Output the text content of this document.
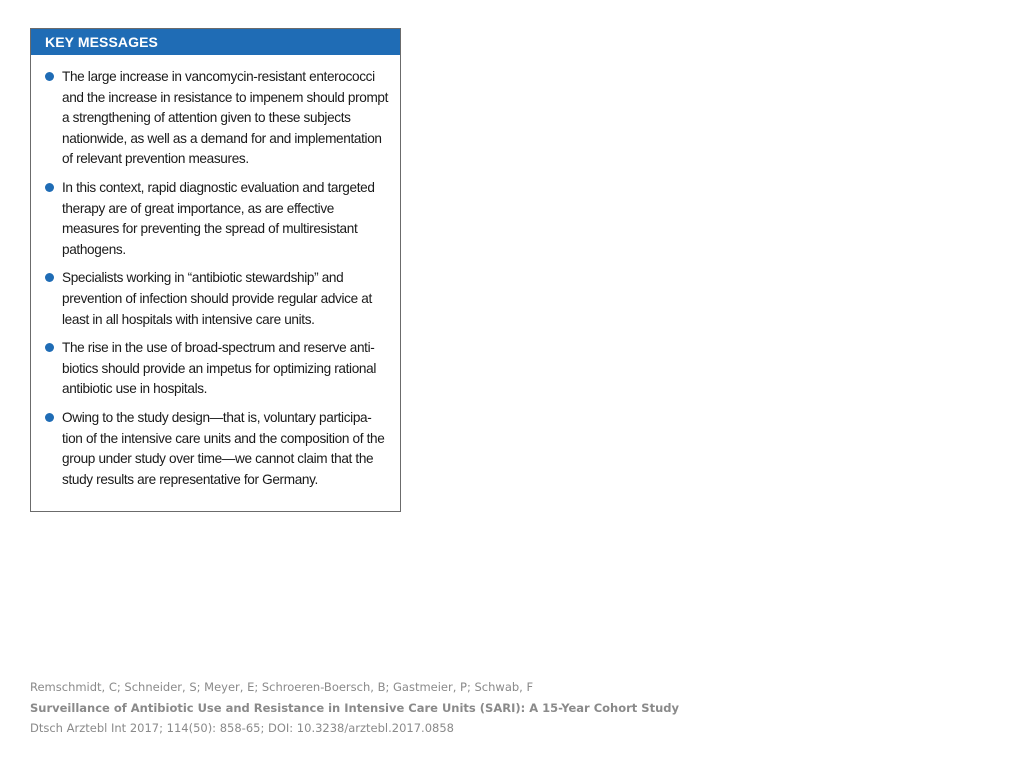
KEY MESSAGES
The large increase in vancomycin-resistant enterococci and the increase in resistance to impenem should prompt a strengthening of attention given to these subjects nationwide, as well as a demand for and implementation of relevant prevention measures.
In this context, rapid diagnostic evaluation and targeted therapy are of great importance, as are effective measures for preventing the spread of multiresistant pathogens.
Specialists working in “antibiotic stewardship” and prevention of infection should provide regular advice at least in all hospitals with intensive care units.
The rise in the use of broad-spectrum and reserve anti-biotics should provide an impetus for optimizing rational antibiotic use in hospitals.
Owing to the study design—that is, voluntary participa-tion of the intensive care units and the composition of the group under study over time—we cannot claim that the study results are representative for Germany.
Remschmidt, C; Schneider, S; Meyer, E; Schroeren-Boersch, B; Gastmeier, P; Schwab, F
Surveillance of Antibiotic Use and Resistance in Intensive Care Units (SARI): A 15-Year Cohort Study
Dtsch Arztebl Int 2017; 114(50): 858-65; DOI: 10.3238/arztebl.2017.0858
